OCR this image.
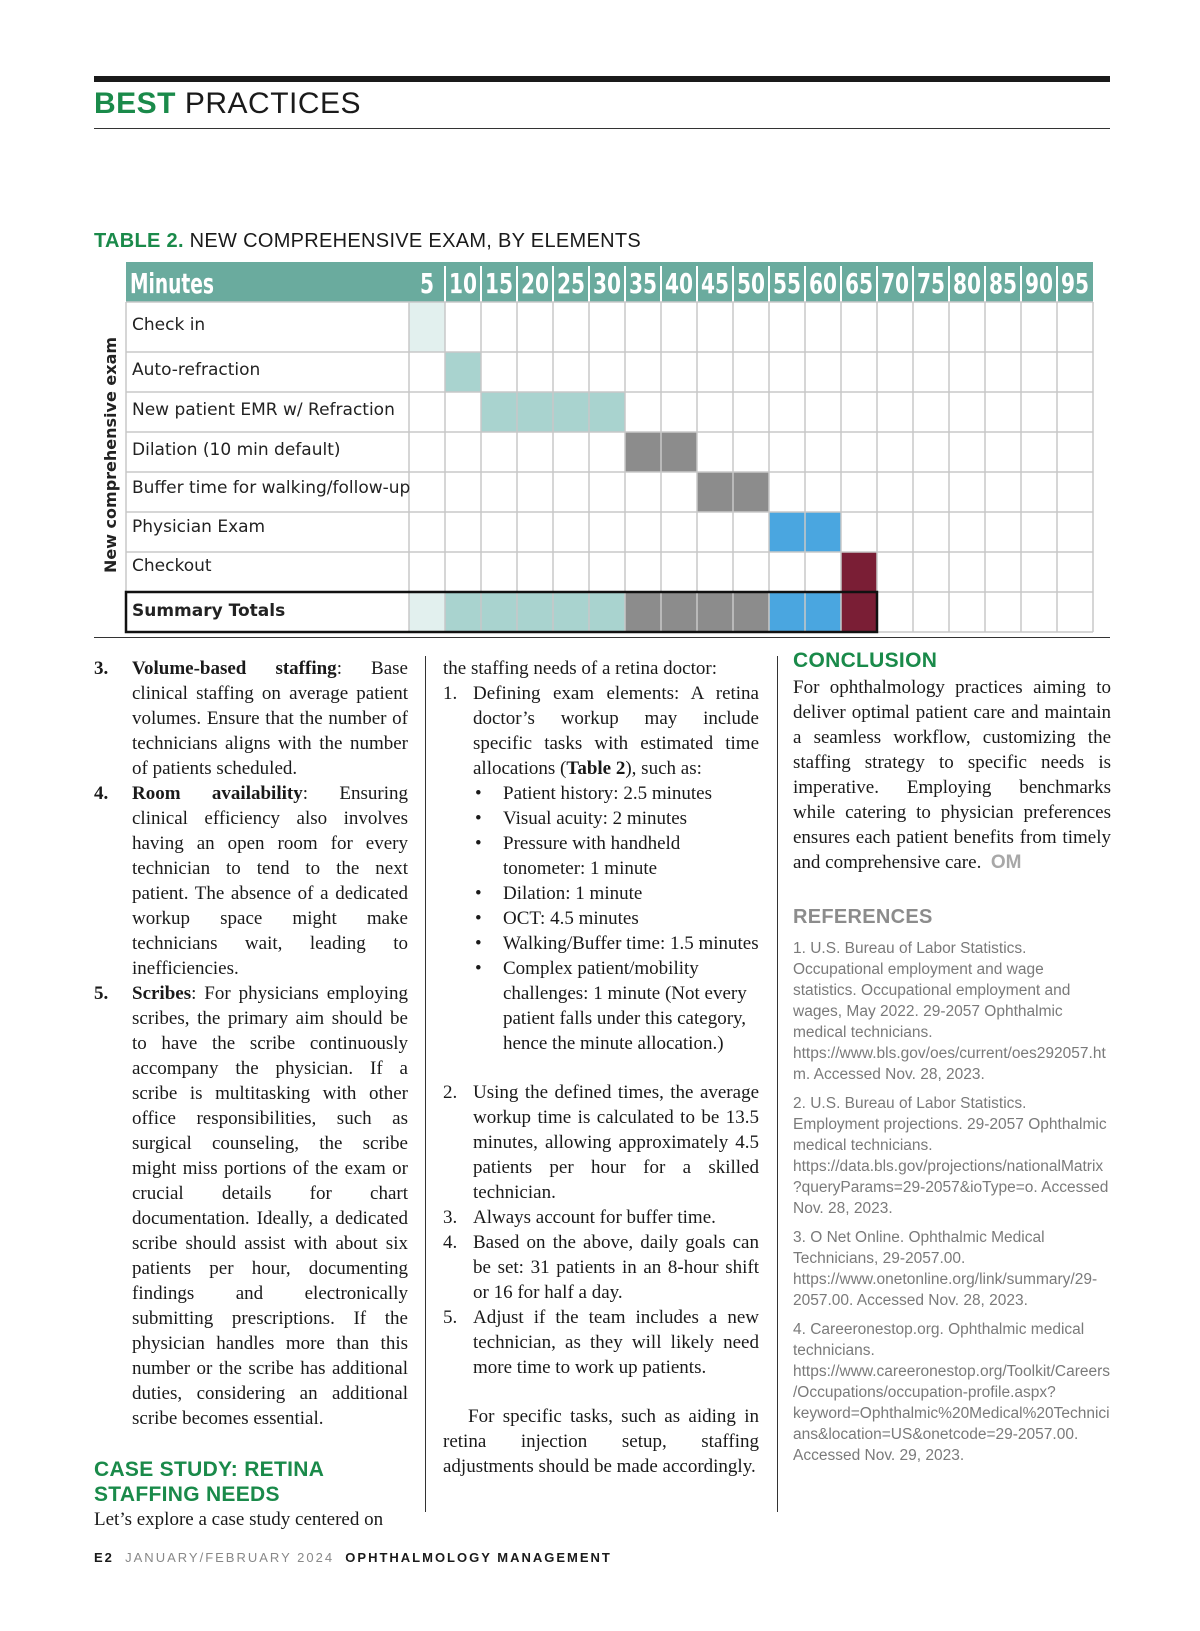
BEST PRACTICES
TABLE 2. NEW COMPREHENSIVE EXAM, BY ELEMENTS
Minutes	5 10 15 20 25 30 35 40 45 50 55 60 65 70 75 80 85 90 95
Check in
Auto-refraction
New patient EMR w/ Refraction
Dilation (10 min default)
Buffer time for walking/follow-up
Physician Exam
Checkout
Summary Totals
New comprehensive exam
3. Volume-based staffing: Base clinical staffing on average patient volumes. Ensure that the number of technicians aligns with the number of patients scheduled.
4. Room availability: Ensuring clinical efficiency also involves having an open room for every technician to tend to the next patient. The absence of a dedicated workup space might make technicians wait, leading to inefficiencies.
5. Scribes: For physicians employing scribes, the primary aim should be to have the scribe continuously accompany the physician. If a scribe is multitasking with other office responsibilities, such as surgical counseling, the scribe might miss portions of the exam or crucial details for chart documentation. Ideally, a dedicated scribe should assist with about six patients per hour, documenting findings and electronically submitting prescriptions. If the physician handles more than this number or the scribe has additional duties, considering an additional scribe becomes essential.
CASE STUDY: RETINA
STAFFING NEEDS

Let’s explore a case study centered on

the staffing needs of a retina doctor:

1. Defining exam elements: A retina doctor’s workup may include specific tasks with estimated time allocations (Table 2), such as:
• Patient history: 2.5 minutes
• Visual acuity: 2 minutes
• Pressure with handheld tonometer: 1 minute
• Dilation: 1 minute
• OCT: 4.5 minutes
• Walking/Buffer time: 1.5 minutes
• Complex patient/mobility challenges: 1 minute (Not every patient falls under this category, hence the minute allocation.)
2. Using the defined times, the average workup time is calculated to be 13.5 minutes, allowing approximately 4.5 patients per hour for a skilled technician.
3. Always account for buffer time.
4. Based on the above, daily goals can be set: 31 patients in an 8-hour shift or 16 for half a day.
5. Adjust if the team includes a new technician, as they will likely need more time to work up patients.

For specific tasks, such as aiding in retina injection setup, staffing adjustments should be made accordingly.

CONCLUSION

For ophthalmology practices aiming to deliver optimal patient care and maintain a seamless workflow, customizing the staffing strategy to specific needs is imperative. Employing benchmarks while catering to physician preferences ensures each patient benefits from timely and comprehensive care. OM

REFERENCES

1. U.S. Bureau of Labor Statistics. Occupational employment and wage statistics. Occupational employment and wages, May 2022. 29-2057 Ophthalmic medical technicians. https://www.bls.gov/oes/current/oes292057.htm. Accessed Nov. 28, 2023.

2. U.S. Bureau of Labor Statistics. Employment projections. 29-2057 Ophthalmic medical technicians. https://data.bls.gov/projections/nationalMatrix?queryParams=29-2057&ioType=o. Accessed Nov. 28, 2023.

3. O Net Online. Ophthalmic Medical Technicians, 29-2057.00. https://www.onetonline.org/link/summary/29-2057.00. Accessed Nov. 28, 2023.

4. Careeronestop.org. Ophthalmic medical technicians. https://www.careeronestop.org/Toolkit/Careers/Occupations/occupation-profile.aspx?keyword=Ophthalmic%20Medical%20Technicians&location=US&onetcode=29-2057.00. Accessed Nov. 29, 2023.

E2 JANUARY/FEBRUARY 2024 OPHTHALMOLOGY MANAGEMENT
